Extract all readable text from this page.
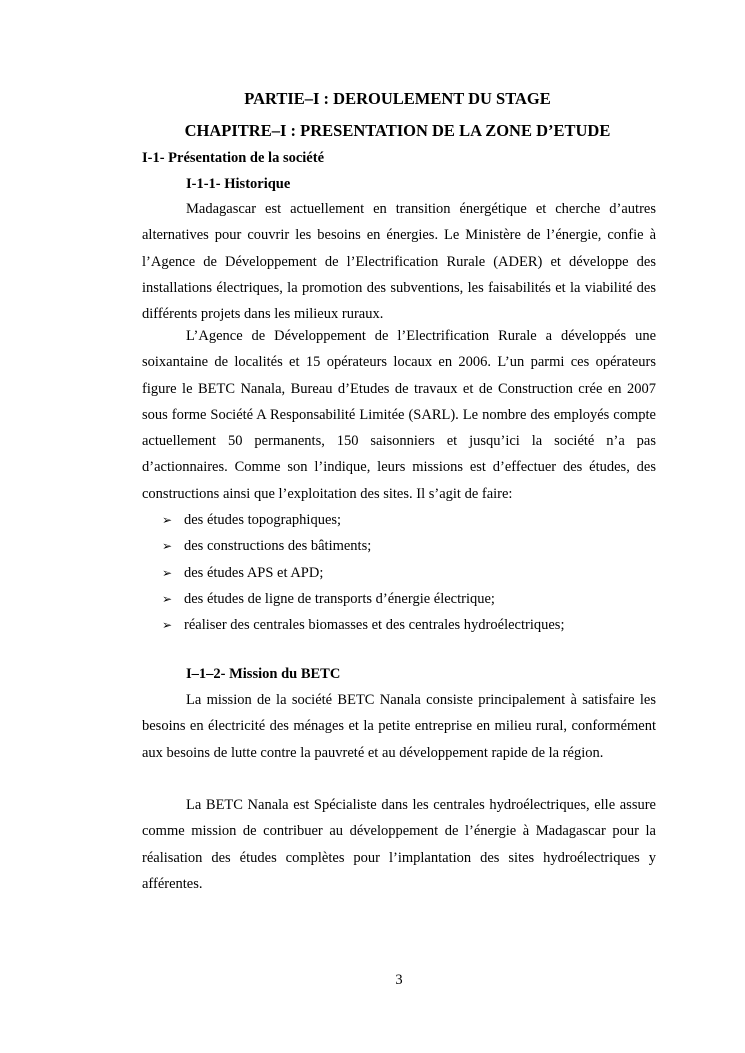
PARTIE–I : DEROULEMENT DU STAGE
CHAPITRE–I : PRESENTATION DE LA ZONE D’ETUDE
I-1- Présentation de la société
I-1-1- Historique

Madagascar est actuellement en transition énergétique et cherche d’autres alternatives pour couvrir les besoins en énergies. Le Ministère de l’énergie, confie à l’Agence de Développement de l’Electrification Rurale (ADER) et développe des installations électriques, la promotion des subventions, les faisabilités et la viabilité des différents projets dans les milieux ruraux.

L’Agence de Développement de l’Electrification Rurale a développés une soixantaine de localités et 15 opérateurs locaux en 2006. L’un parmi ces opérateurs figure le BETC Nanala, Bureau d’Etudes de travaux et de Construction crée en 2007 sous forme Société A Responsabilité Limitée (SARL). Le nombre des employés compte actuellement 50 permanents, 150 saisonniers et jusqu’ici la société n’a pas d’actionnaires. Comme son l’indique, leurs missions est d’effectuer des études, des constructions ainsi que l’exploitation des sites. Il s’agit de faire:

➢ des études topographiques;
➢ des constructions des bâtiments;
➢ des études APS et APD;
➢ des études de ligne de transports d’énergie électrique;
➢ réaliser des centrales biomasses et des centrales hydroélectriques;
I–1–2- Mission du BETC

La mission de la société BETC Nanala consiste principalement à satisfaire les besoins en électricité des ménages et la petite entreprise en milieu rural, conformément aux besoins de lutte contre la pauvreté et au développement rapide de la région.

La BETC Nanala est Spécialiste dans les centrales hydroélectriques, elle assure comme mission de contribuer au développement de l’énergie à Madagascar pour la réalisation des études complètes pour l’implantation des sites hydroélectriques y afférentes.

3
